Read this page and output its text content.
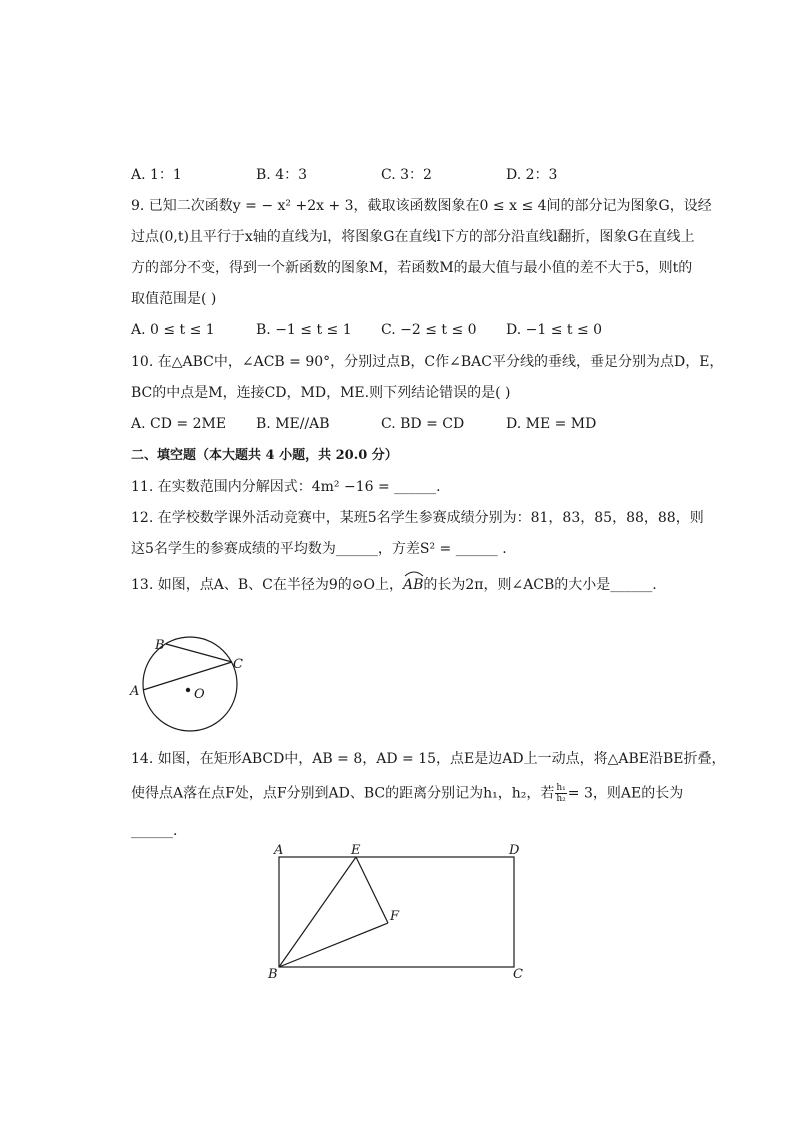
A. 1：1	B. 4：3	C. 3：2	D. 2：3
9. 已知二次函数y = − x² +2x + 3，截取该函数图象在0 ≤ x ≤ 4间的部分记为图象G，设经
过点(0,t)且平行于x轴的直线为l，将图象G在直线l下方的部分沿直线l翻折，图象G在直线上
方的部分不变，得到一个新函数的图象M，若函数M的最大值与最小值的差不大于5，则t的
取值范围是( )
A. 0 ≤ t ≤ 1	B. −1 ≤ t ≤ 1 C. −2 ≤ t ≤ 0 D. −1 ≤ t ≤ 0
10. 在△ABC中，∠ACB = 90°，分别过点B，C作∠BAC平分线的垂线，垂足分别为点D，E，
BC的中点是M，连接CD，MD，ME.则下列结论错误的是( )
A. CD = 2ME B. ME//AB	C. BD = CD	D. ME = MD
二、填空题（本大题共 4 小题，共 20.0 分）
11. 在实数范围内分解因式：4m² −16 = ______.
12. 在学校数学课外活动竞赛中，某班5名学生参赛成绩分别为：81，83，85，88，88，则
这5名学生的参赛成绩的平均数为______，方差S² = ______ .
13. 如图，点A、B、C在半径为9的⊙O上，
AB的长为2π，则∠ACB的大小是______.
B
C
A	O
14. 如图，在矩形ABCD中，AB = 8，AD = 15，点E是边AD上一动点，将△ABE沿BE折叠，
使得点A落在点F处，点F分别到AD、BC的距离分别记为h₁，h₂，若 $\frac{\text{h₁}}{\text{h₂}} = 3$，则AE的长为
______.
A	E	D
F
B	C
